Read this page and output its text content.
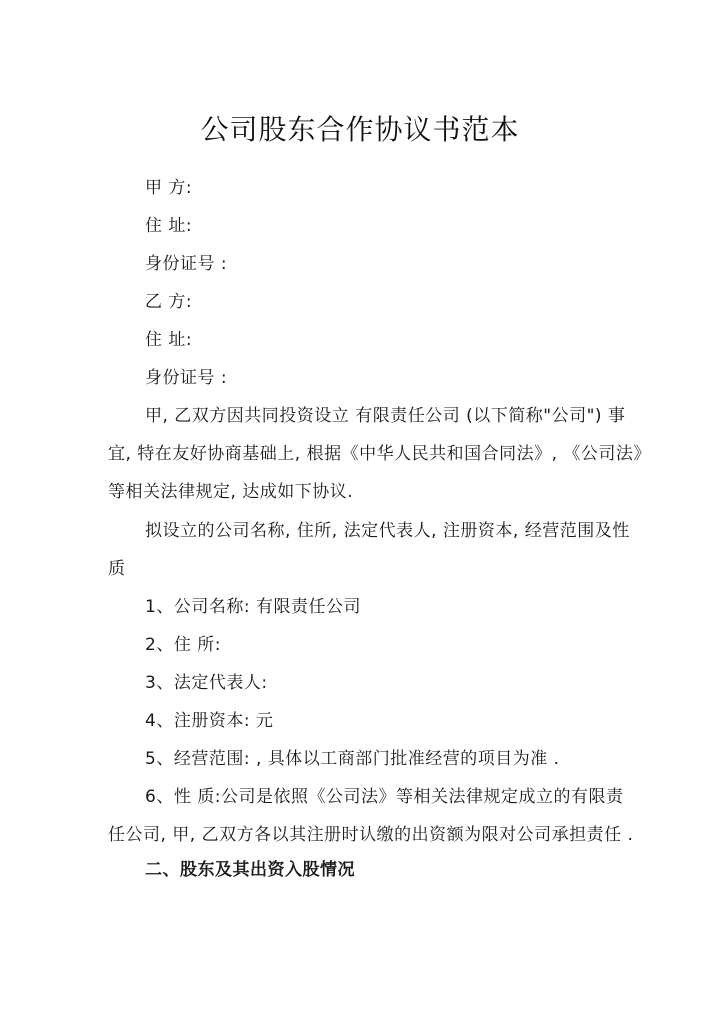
公司股东合作协议书范本
甲 方:
住 址:
身份证号 :
乙 方:
住 址:
身份证号 :
甲, 乙双方因共同投资设立 有限责任公司 (以下简称"公司") 事
宜, 特在友好协商基础上, 根据《中华人民共和国合同法》, 《公司法》
等相关法律规定, 达成如下协议.
拟设立的公司名称, 住所, 法定代表人, 注册资本, 经营范围及性
质
1、公司名称: 有限责任公司
2、住 所:
3、法定代表人:
4、注册资本: 元
5、经营范围: , 具体以工商部门批准经营的项目为准 .
6、性 质:公司是依照《公司法》等相关法律规定成立的有限责
任公司, 甲, 乙双方各以其注册时认缴的出资额为限对公司承担责任 .
二、股东及其出资入股情况
